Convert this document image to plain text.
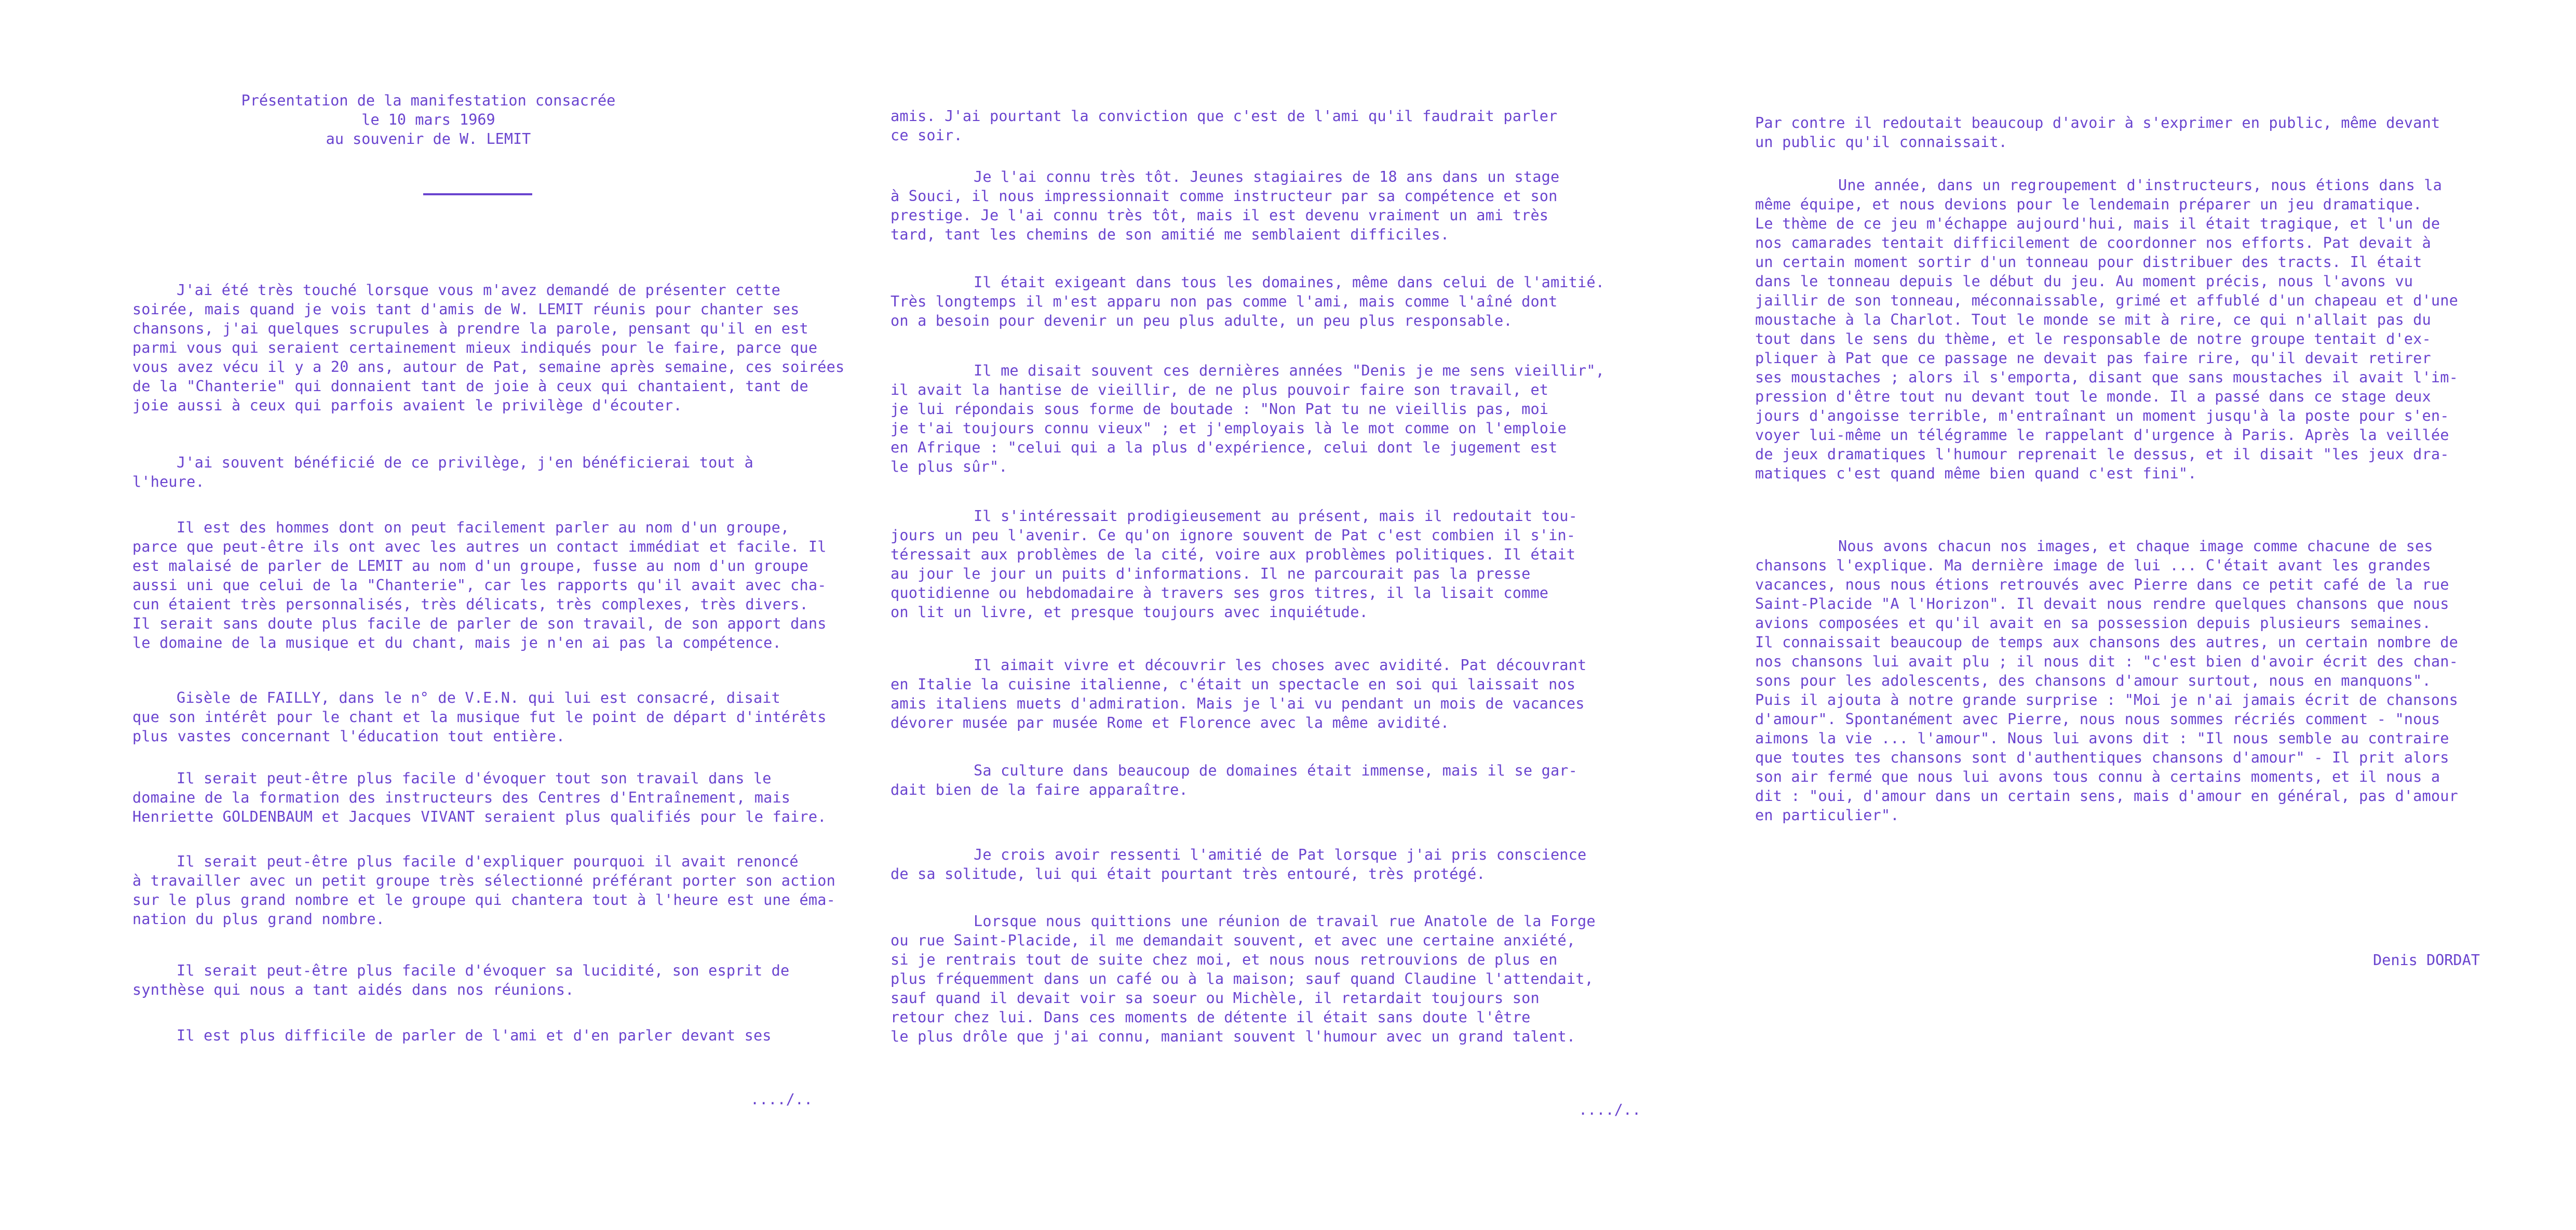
Présentation de la manifestation consacrée
le 10 mars 1969
au souvenir de W. LEMIT

J'ai été très touché lorsque vous m'avez demandé de présenter cette

soirée, mais quand je vois tant d'amis de W. LEMIT réunis pour chanter ses

chansons, j'ai quelques scrupules à prendre la parole, pensant qu'il en est

parmi vous qui seraient certainement mieux indiqués pour le faire, parce que

vous avez vécu il y a 20 ans, autour de Pat, semaine après semaine, ces soirées

de la "Chanterie" qui donnaient tant de joie à ceux qui chantaient, tant de

joie aussi à ceux qui parfois avaient le privilège d'écouter.

J'ai souvent bénéficié de ce privilège, j'en bénéficierai tout à

l'heure.

Il est des hommes dont on peut facilement parler au nom d'un groupe,

parce que peut-être ils ont avec les autres un contact immédiat et facile. Il

est malaisé de parler de LEMIT au nom d'un groupe, fusse au nom d'un groupe

aussi uni que celui de la "Chanterie", car les rapports qu'il avait avec cha-

cun étaient très personnalisés, très délicats, très complexes, très divers.

Il serait sans doute plus facile de parler de son travail, de son apport dans

le domaine de la musique et du chant, mais je n'en ai pas la compétence.

Gisèle de FAILLY, dans le n° de V.E.N. qui lui est consacré, disait

que son intérêt pour le chant et la musique fut le point de départ d'intérêts

plus vastes concernant l'éducation tout entière.

Il serait peut-être plus facile d'évoquer tout son travail dans le

domaine de la formation des instructeurs des Centres d'Entraînement, mais

Henriette GOLDENBAUM et Jacques VIVANT seraient plus qualifiés pour le faire.

Il serait peut-être plus facile d'expliquer pourquoi il avait renoncé

à travailler avec un petit groupe très sélectionné préférant porter son action

sur le plus grand nombre et le groupe qui chantera tout à l'heure est une éma-

nation du plus grand nombre.

Il serait peut-être plus facile d'évoquer sa lucidité, son esprit de

synthèse qui nous a tant aidés dans nos réunions.

Il est plus difficile de parler de l'ami et d'en parler devant ses

..../..

amis. J'ai pourtant la conviction que c'est de l'ami qu'il faudrait parler

ce soir.

Je l'ai connu très tôt. Jeunes stagiaires de 18 ans dans un stage

à Souci, il nous impressionnait comme instructeur par sa compétence et son

prestige. Je l'ai connu très tôt, mais il est devenu vraiment un ami très

tard, tant les chemins de son amitié me semblaient difficiles.

Il était exigeant dans tous les domaines, même dans celui de l'amitié.

Très longtemps il m'est apparu non pas comme l'ami, mais comme l'aîné dont

on a besoin pour devenir un peu plus adulte, un peu plus responsable.

Il me disait souvent ces dernières années "Denis je me sens vieillir",

il avait la hantise de vieillir, de ne plus pouvoir faire son travail, et

je lui répondais sous forme de boutade : "Non Pat tu ne vieillis pas, moi

je t'ai toujours connu vieux" ; et j'employais là le mot comme on l'emploie

en Afrique : "celui qui a la plus d'expérience, celui dont le jugement est

le plus sûr".

Il s'intéressait prodigieusement au présent, mais il redoutait tou-

jours un peu l'avenir. Ce qu'on ignore souvent de Pat c'est combien il s'in-

téressait aux problèmes de la cité, voire aux problèmes politiques. Il était

au jour le jour un puits d'informations. Il ne parcourait pas la presse

quotidienne ou hebdomadaire à travers ses gros titres, il la lisait comme

on lit un livre, et presque toujours avec inquiétude.

Il aimait vivre et découvrir les choses avec avidité. Pat découvrant

en Italie la cuisine italienne, c'était un spectacle en soi qui laissait nos

amis italiens muets d'admiration. Mais je l'ai vu pendant un mois de vacances

dévorer musée par musée Rome et Florence avec la même avidité.

Sa culture dans beaucoup de domaines était immense, mais il se gar-

dait bien de la faire apparaître.

Je crois avoir ressenti l'amitié de Pat lorsque j'ai pris conscience

de sa solitude, lui qui était pourtant très entouré, très protégé.

Lorsque nous quittions une réunion de travail rue Anatole de la Forge

ou rue Saint-Placide, il me demandait souvent, et avec une certaine anxiété,

si je rentrais tout de suite chez moi, et nous nous retrouvions de plus en

plus fréquemment dans un café ou à la maison; sauf quand Claudine l'attendait,

sauf quand il devait voir sa soeur ou Michèle, il retardait toujours son

retour chez lui. Dans ces moments de détente il était sans doute l'être

le plus drôle que j'ai connu, maniant souvent l'humour avec un grand talent.

..../..

Par contre il redoutait beaucoup d'avoir à s'exprimer en public, même devant

un public qu'il connaissait.

Une année, dans un regroupement d'instructeurs, nous étions dans la

même équipe, et nous devions pour le lendemain préparer un jeu dramatique.

Le thème de ce jeu m'échappe aujourd'hui, mais il était tragique, et l'un de

nos camarades tentait difficilement de coordonner nos efforts. Pat devait à

un certain moment sortir d'un tonneau pour distribuer des tracts. Il était

dans le tonneau depuis le début du jeu. Au moment précis, nous l'avons vu

jaillir de son tonneau, méconnaissable, grimé et affublé d'un chapeau et d'une

moustache à la Charlot. Tout le monde se mit à rire, ce qui n'allait pas du

tout dans le sens du thème, et le responsable de notre groupe tentait d'ex-

pliquer à Pat que ce passage ne devait pas faire rire, qu'il devait retirer

ses moustaches ; alors il s'emporta, disant que sans moustaches il avait l'im-

pression d'être tout nu devant tout le monde. Il a passé dans ce stage deux

jours d'angoisse terrible, m'entraînant un moment jusqu'à la poste pour s'en-

voyer lui-même un télégramme le rappelant d'urgence à Paris. Après la veillée

de jeux dramatiques l'humour reprenait le dessus, et il disait "les jeux dra-

matiques c'est quand même bien quand c'est fini".

Nous avons chacun nos images, et chaque image comme chacune de ses

chansons l'explique. Ma dernière image de lui ... C'était avant les grandes

vacances, nous nous étions retrouvés avec Pierre dans ce petit café de la rue

Saint-Placide "A l'Horizon". Il devait nous rendre quelques chansons que nous

avions composées et qu'il avait en sa possession depuis plusieurs semaines.

Il connaissait beaucoup de temps aux chansons des autres, un certain nombre de

nos chansons lui avait plu ; il nous dit : "c'est bien d'avoir écrit des chan-

sons pour les adolescents, des chansons d'amour surtout, nous en manquons".

Puis il ajouta à notre grande surprise : "Moi je n'ai jamais écrit de chansons

d'amour". Spontanément avec Pierre, nous nous sommes récriés comment - "nous

aimons la vie ... l'amour". Nous lui avons dit : "Il nous semble au contraire

que toutes tes chansons sont d'authentiques chansons d'amour" - Il prit alors

son air fermé que nous lui avons tous connu à certains moments, et il nous a

dit : "oui, d'amour dans un certain sens, mais d'amour en général, pas d'amour

en particulier".

Denis DORDAT
